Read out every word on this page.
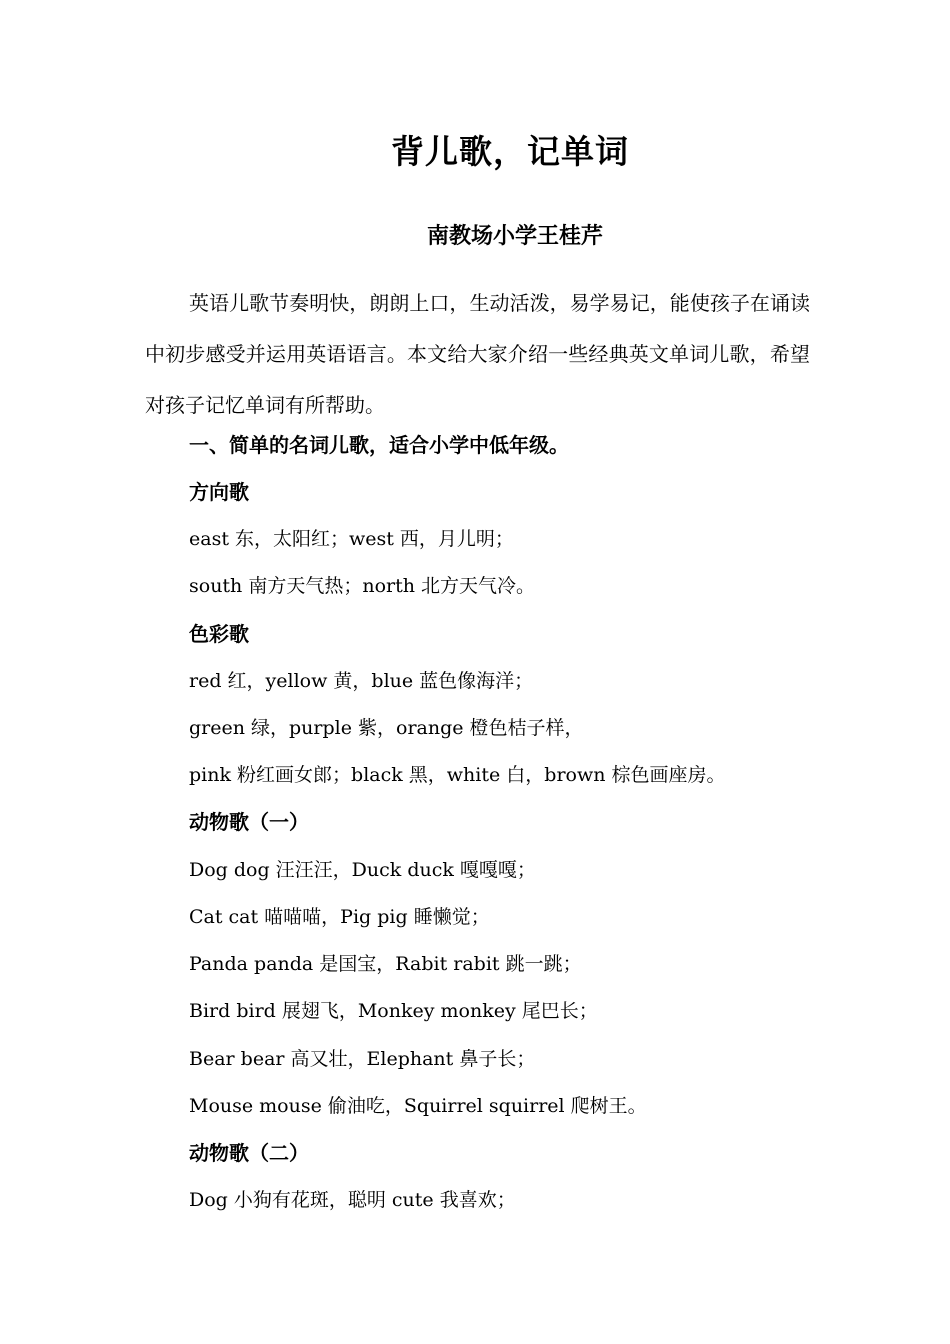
背儿歌，记单词
南教场小学王桂芹
英语儿歌节奏明快，朗朗上口，生动活泼，易学易记，能使孩子在诵读中初步感受并运用英语语言。本文给大家介绍一些经典英文单词儿歌，希望对孩子记忆单词有所帮助。
一、简单的名词儿歌，适合小学中低年级。
方向歌
east 东，太阳红；west 西，月儿明；
south 南方天气热；north 北方天气冷。
色彩歌
red 红，yellow 黄，blue 蓝色像海洋；
green 绿，purple 紫，orange 橙色桔子样，
pink 粉红画女郎；black 黑，white 白，brown 棕色画座房。
动物歌（一）
Dog dog 汪汪汪，Duck duck 嘎嘎嘎；
Cat cat 喵喵喵，Pig pig 睡懒觉；
Panda panda 是国宝，Rabit rabit 跳一跳；
Bird bird 展翅飞，Monkey monkey 尾巴长；
Bear bear 高又壮，Elephant 鼻子长；
Mouse mouse 偷油吃，Squirrel squirrel 爬树王。
动物歌（二）
Dog 小狗有花斑，聪明 cute 我喜欢；
